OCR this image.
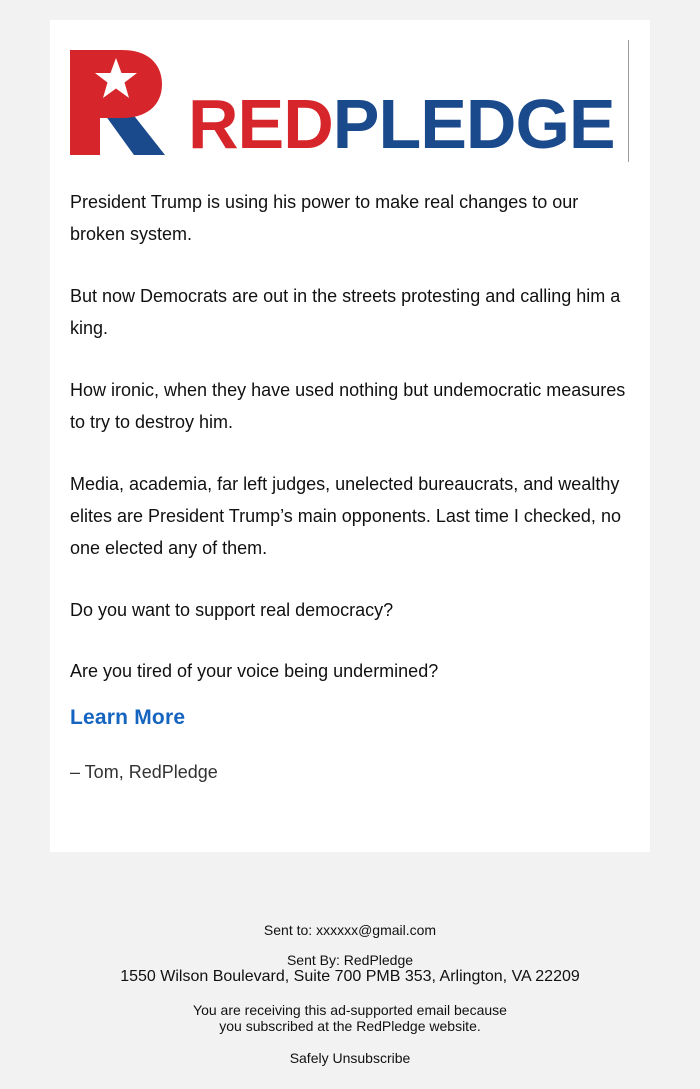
REDPLEDGE

President Trump is using his power to make real changes to our broken system.

But now Democrats are out in the streets protesting and calling him a king.

How ironic, when they have used nothing but undemocratic measures to try to destroy him.

Media, academia, far left judges, unelected bureaucrats, and wealthy elites are President Trump’s main opponents. Last time I checked, no one elected any of them.

Do you want to support real democracy?

Are you tired of your voice being undermined?

Learn More
– Tom, RedPledge
Sent to: xxxxxx@gmail.com
Sent By: RedPledge
1550 Wilson Boulevard, Suite 700 PMB 353, Arlington, VA 22209
You are receiving this ad-supported email because
you subscribed at the RedPledge website.
Safely Unsubscribe
